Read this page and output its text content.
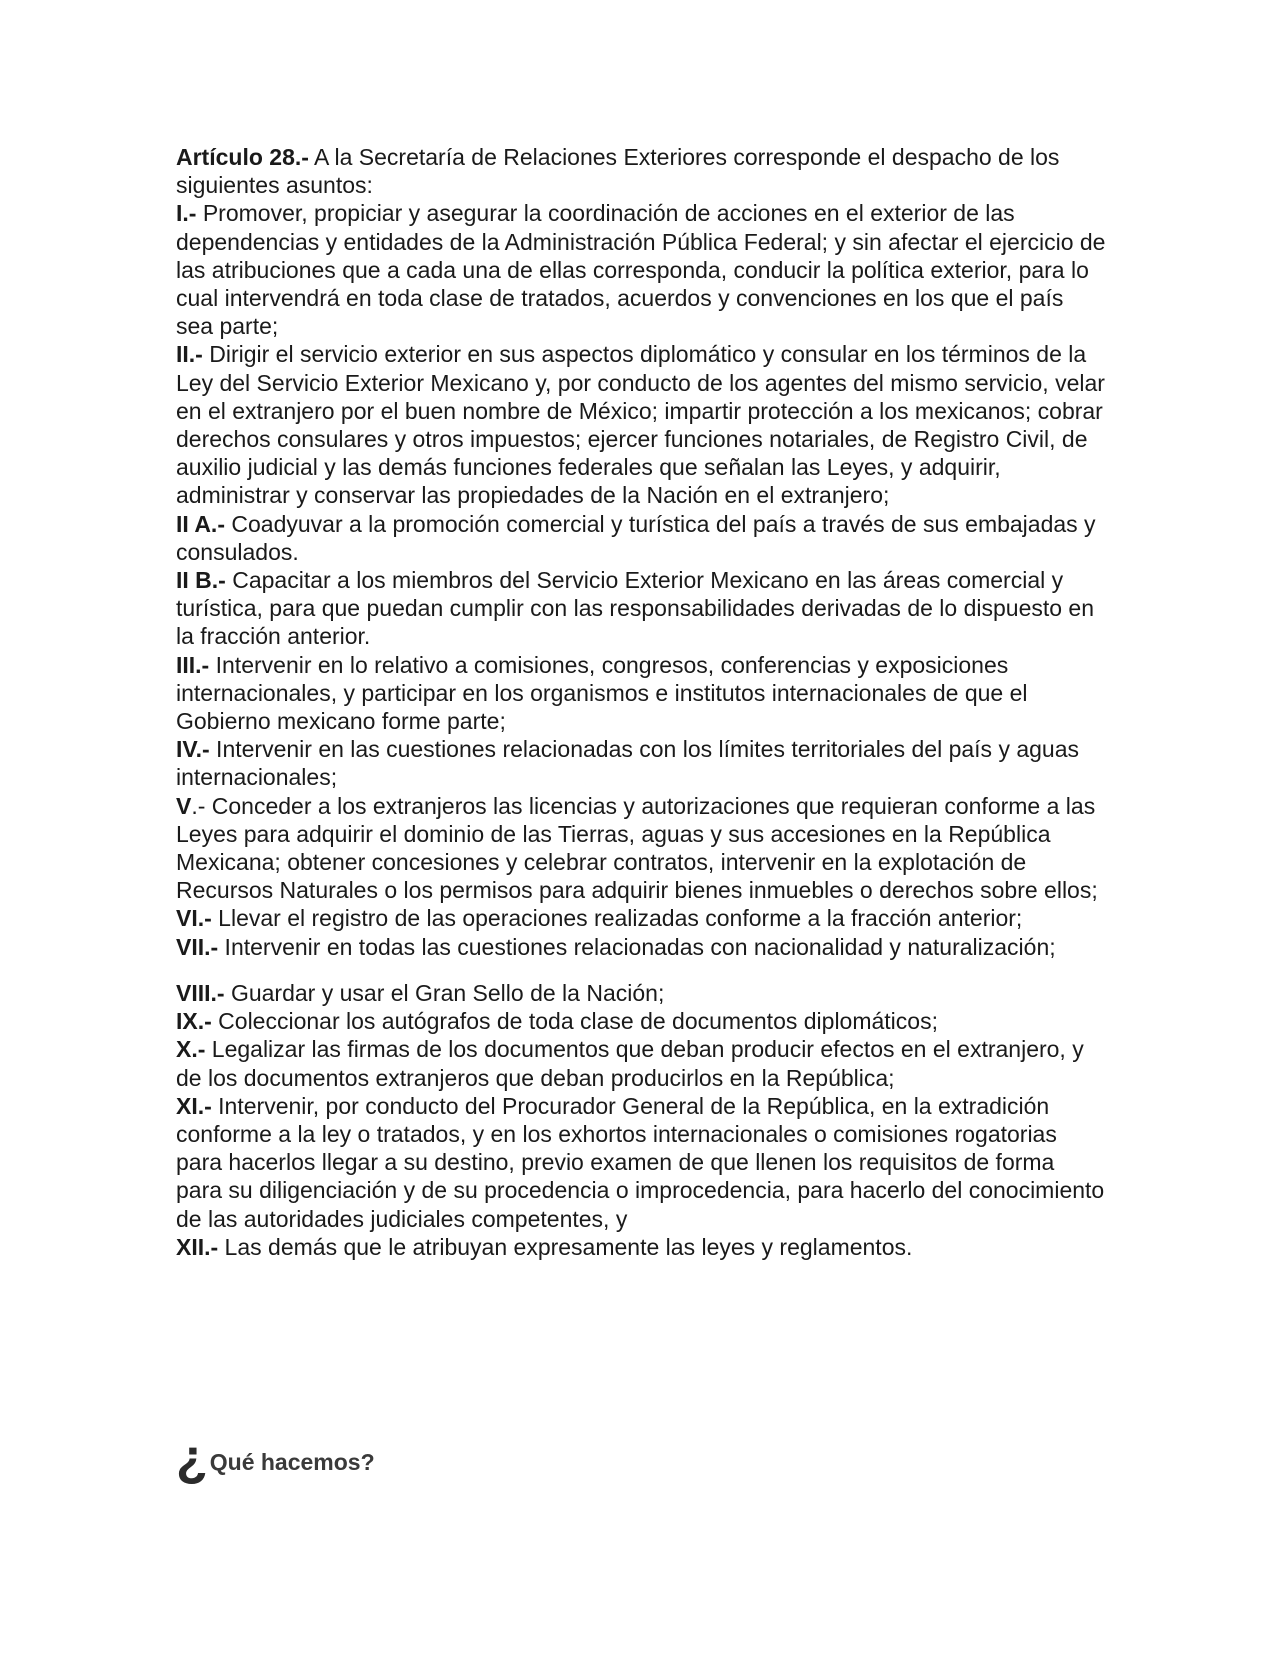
Artículo 28.- A la Secretaría de Relaciones Exteriores corresponde el despacho de los siguientes asuntos:

I.- Promover, propiciar y asegurar la coordinación de acciones en el exterior de las dependencias y entidades de la Administración Pública Federal; y sin afectar el ejercicio de las atribuciones que a cada una de ellas corresponda, conducir la política exterior, para lo cual intervendrá en toda clase de tratados, acuerdos y convenciones en los que el país sea parte;

II.- Dirigir el servicio exterior en sus aspectos diplomático y consular en los términos de la Ley del Servicio Exterior Mexicano y, por conducto de los agentes del mismo servicio, velar en el extranjero por el buen nombre de México; impartir protección a los mexicanos; cobrar derechos consulares y otros impuestos; ejercer funciones notariales, de Registro Civil, de auxilio judicial y las demás funciones federales que señalan las Leyes, y adquirir, administrar y conservar las propiedades de la Nación en el extranjero;

II A.- Coadyuvar a la promoción comercial y turística del país a través de sus embajadas y consulados.

II B.- Capacitar a los miembros del Servicio Exterior Mexicano en las áreas comercial y turística, para que puedan cumplir con las responsabilidades derivadas de lo dispuesto en la fracción anterior.

III.- Intervenir en lo relativo a comisiones, congresos, conferencias y exposiciones internacionales, y participar en los organismos e institutos internacionales de que el Gobierno mexicano forme parte;

IV.- Intervenir en las cuestiones relacionadas con los límites territoriales del país y aguas internacionales;

V.- Conceder a los extranjeros las licencias y autorizaciones que requieran conforme a las Leyes para adquirir el dominio de las Tierras, aguas y sus accesiones en la República Mexicana; obtener concesiones y celebrar contratos, intervenir en la explotación de Recursos Naturales o los permisos para adquirir bienes inmuebles o derechos sobre ellos;

VI.- Llevar el registro de las operaciones realizadas conforme a la fracción anterior;

VII.- Intervenir en todas las cuestiones relacionadas con nacionalidad y naturalización;

VIII.- Guardar y usar el Gran Sello de la Nación;

IX.- Coleccionar los autógrafos de toda clase de documentos diplomáticos;

X.- Legalizar las firmas de los documentos que deban producir efectos en el extranjero, y de los documentos extranjeros que deban producirlos en la República;

XI.- Intervenir, por conducto del Procurador General de la República, en la extradición conforme a la ley o tratados, y en los exhortos internacionales o comisiones rogatorias para hacerlos llegar a su destino, previo examen de que llenen los requisitos de forma para su diligenciación y de su procedencia o improcedencia, para hacerlo del conocimiento de las autoridades judiciales competentes, y

XII.- Las demás que le atribuyan expresamente las leyes y reglamentos.

¿ Qué hacemos?
